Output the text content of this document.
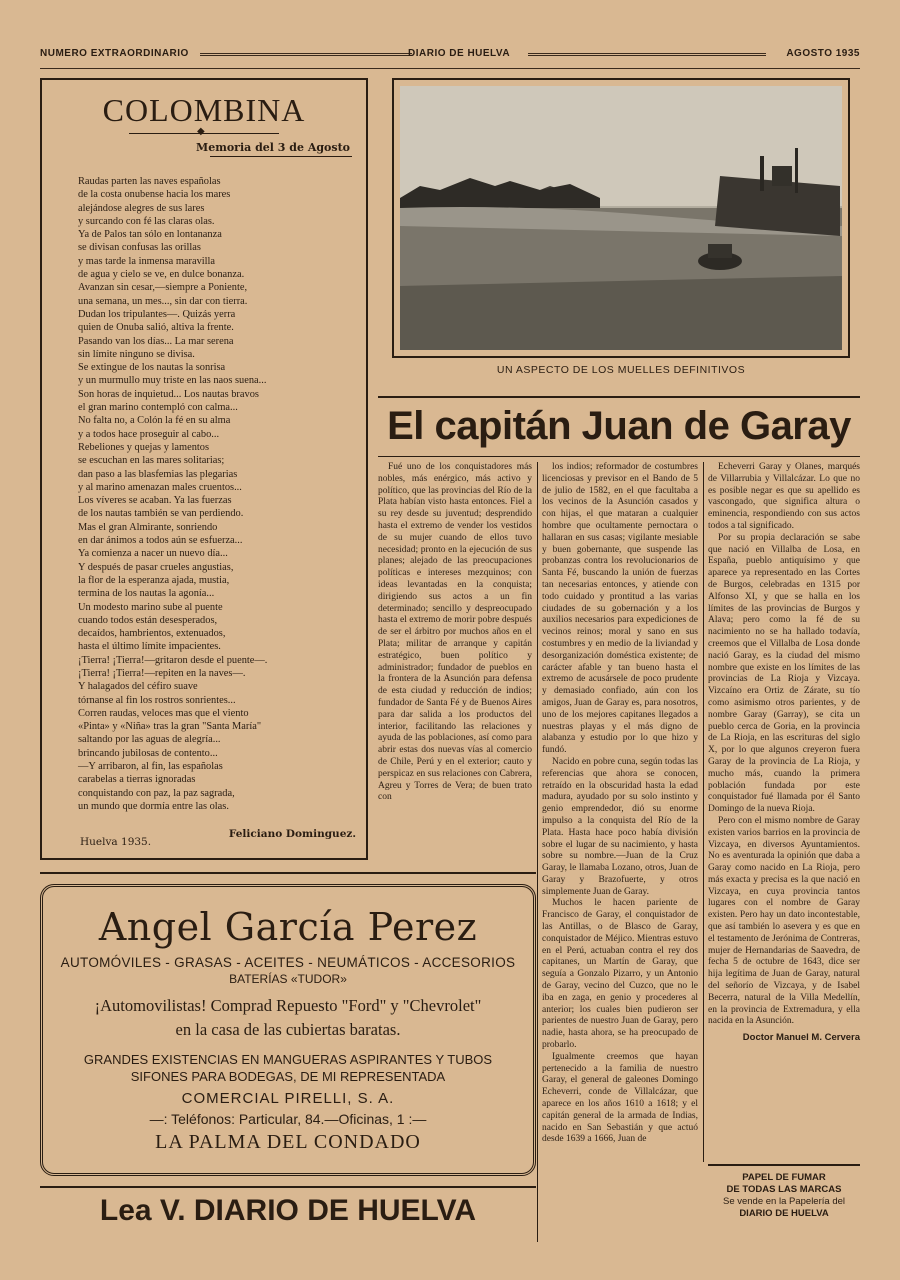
NUMERO EXTRAORDINARIO	DIARIO DE HUELVA	AGOSTO 1935
COLOMBINA
◆
Memoria del 3 de Agosto
Raudas parten las naves españolas
de la costa onubense hacia los mares
alejándose alegres de sus lares
y surcando con fé las claras olas.
Ya de Palos tan sólo en lontananza
se divisan confusas las orillas
y mas tarde la inmensa maravilla
de agua y cielo se ve, en dulce bonanza.
Avanzan sin cesar,—siempre a Poniente,
una semana, un mes..., sin dar con tierra.
Dudan los tripulantes—. Quizás yerra
quien de Onuba salió, altiva la frente.
Pasando van los días... La mar serena
sin límite ninguno se divisa.
Se extingue de los nautas la sonrisa
y un murmullo muy triste en las naos suena...
Son horas de inquietud... Los nautas bravos
el gran marino contempló con calma...
No falta no, a Colón la fé en su alma
y a todos hace proseguir al cabo...
Rebeliones y quejas y lamentos
se escuchan en las mares solitarias;
dan paso a las blasfemias las plegarias
y al marino amenazan males cruentos...
Los víveres se acaban. Ya las fuerzas
de los nautas también se van perdiendo.
Mas el gran Almirante, sonriendo
en dar ánimos a todos aún se esfuerza...
Ya comienza a nacer un nuevo día...
Y después de pasar crueles angustias,
la flor de la esperanza ajada, mustia,
termina de los nautas la agonía...
Un modesto marino sube al puente
cuando todos están desesperados,
decaídos, hambrientos, extenuados,
hasta el último límite impacientes.
¡Tierra! ¡Tierra!—gritaron desde el puente—.
¡Tierra! ¡Tierra!—repiten en la naves—.
Y halagados del céfiro suave
tórnanse al fin los rostros sonrientes...
Corren raudas, veloces mas que el viento
«Pinta» y «Niña» tras la gran "Santa María"
saltando por las aguas de alegría...
brincando jubilosas de contento...
—Y arribaron, al fin, las españolas
carabelas a tierras ignoradas
conquistando con paz, la paz sagrada,
un mundo que dormía entre las olas.
Huelva 1935.
Feliciano Dominguez.
UN ASPECTO DE LOS MUELLES DEFINITIVOS
El capitán Juan de Garay

Fué uno de los conquistadores más nobles, más enérgico, más activo y político, que las provincias del Río de la Plata habían visto hasta entonces. Fiel a su rey desde su juventud; desprendido hasta el extremo de vender los vestidos de su mujer cuando de ellos tuvo necesidad; pronto en la ejecución de sus planes; alejado de las preocupaciones políticas e intereses mezquinos; con ideas levantadas en la conquista; dirigiendo sus actos a un fin determinado; sencillo y despreocupado hasta el extremo de morir pobre después de ser el árbitro por muchos años en el Plata; militar de arranque y capitán estratégico, buen político y administrador; fundador de pueblos en la frontera de la Asunción para defensa de esta ciudad y reducción de indios; fundador de Santa Fé y de Buenos Aires para dar salida a los productos del interior, facilitando las relaciones y ayuda de las poblaciones, así como para abrir estas dos nuevas vías al comercio de Chile, Perú y en el exterior; cauto y perspicaz en sus relaciones con Cabrera, Agreu y Torres de Vera; de buen trato con

los indios; reformador de costumbres licenciosas y previsor en el Bando de 5 de julio de 1582, en el que facultaba a los vecinos de la Asunción casados y con hijas, el que mataran a cualquier hombre que ocultamente pernoctara o hallaran en sus casas; vigilante mesiable y buen gobernante, que suspende las probanzas contra los revolucionarios de Santa Fé, buscando la unión de fuerzas tan necesarias entonces, y atiende con todo cuidado y prontitud a las varias ciudades de su gobernación y a los auxilios necesarios para expediciones de vecinos reinos; moral y sano en sus costumbres y en medio de la liviandad y desorganización doméstica existente; de carácter afable y tan bueno hasta el extremo de acusársele de poco prudente y demasiado confiado, aún con los amigos, Juan de Garay es, para nosotros, uno de los mejores capitanes llegados a nuestras playas y el más digno de alabanza y estudio por lo que hizo y fundó.

Nacido en pobre cuna, según todas las referencias que ahora se conocen, retraído en la obscuridad hasta la edad madura, ayudado por su solo instinto y genio emprendedor, dió su enorme impulso a la conquista del Río de la Plata. Hasta hace poco había división sobre el lugar de su nacimiento, y hasta sobre su nombre.—Juan de la Cruz Garay, le llamaba Lozano, otros, Juan de Garay y Brazofuerte, y otros simplemente Juan de Garay.

Muchos le hacen pariente de Francisco de Garay, el conquistador de las Antillas, o de Blasco de Garay, conquistador de Méjico. Mientras estuvo en el Perú, actuaban contra el rey dos capitanes, un Martín de Garay, que seguía a Gonzalo Pizarro, y un Antonio de Garay, vecino del Cuzco, que no le iba en zaga, en genio y procederes al anterior; los cuales bien pudieron ser parientes de nuestro Juan de Garay, pero nadie, hasta ahora, se ha preocupado de probarlo.

Igualmente creemos que hayan pertenecido a la familia de nuestro Garay, el general de galeones Domingo Echeverri, conde de Villalcázar, que aparece en los años 1610 a 1618; y el capitán general de la armada de Indias, nacido en San Sebastián y que actuó desde 1639 a 1666, Juan de

Echeverri Garay y Olanes, marqués de Villarrubia y Villalcázar. Lo que no es posible negar es que su apellido es vascongado, que significa altura o eminencia, respondiendo con sus actos todos a tal significado.

Por su propia declaración se sabe que nació en Villalba de Losa, en España, pueblo antiquísimo y que aparece ya representado en las Cortes de Burgos, celebradas en 1315 por Alfonso XI, y que se halla en los límites de las provincias de Burgos y Alava; pero como la fé de su nacimiento no se ha hallado todavía, creemos que el Villalba de Losa donde nació Garay, es la ciudad del mismo nombre que existe en los límites de las provincias de La Rioja y Vizcaya. Vizcaíno era Ortiz de Zárate, su tío como asimismo otros parientes, y de nombre Garay (Garray), se cita un pueblo cerca de Goria, en la provincia de La Rioja, en las escrituras del siglo X, por lo que algunos creyeron fuera Garay de la provincia de La Rioja, y mucho más, cuando la primera población fundada por este conquistador fué llamada por él Santo Domingo de la nueva Rioja.

Pero con el mismo nombre de Garay existen varios barrios en la provincia de Vizcaya, en diversos Ayuntamientos. No es aventurada la opinión que daba a Garay como nacido en La Rioja, pero más exacta y precisa es la que nació en Vizcaya, en cuya provincia tantos lugares con el nombre de Garay existen. Pero hay un dato incontestable, que así también lo asevera y es que en el testamento de Jerónima de Contreras, mujer de Hernandarias de Saavedra, de fecha 5 de octubre de 1643, dice ser hija legítima de Juan de Garay, natural del señorío de Vizcaya, y de Isabel Becerra, natural de la Villa Medellín, en la provincia de Extremadura, y ella nacida en la Asunción.

Doctor Manuel M. Cervera

Angel García Perez
AUTOMÓVILES - GRASAS - ACEITES - NEUMÁTICOS - ACCESORIOS
BATERÍAS «TUDOR»
¡Automovilistas! Comprad Repuesto "Ford" y "Chevrolet"
en la casa de las cubiertas baratas.
GRANDES EXISTENCIAS EN MANGUERAS ASPIRANTES Y TUBOS
SIFONES PARA BODEGAS, DE MI REPRESENTADA
COMERCIAL PIRELLI, S. A.
—: Teléfonos: Particular, 84.—Oficinas, 1 :—
LA PALMA DEL CONDADO
Lea V. DIARIO DE HUELVA
PAPEL DE FUMAR
DE TODAS LAS MARCAS
Se vende en la Papelería del
DIARIO DE HUELVA
